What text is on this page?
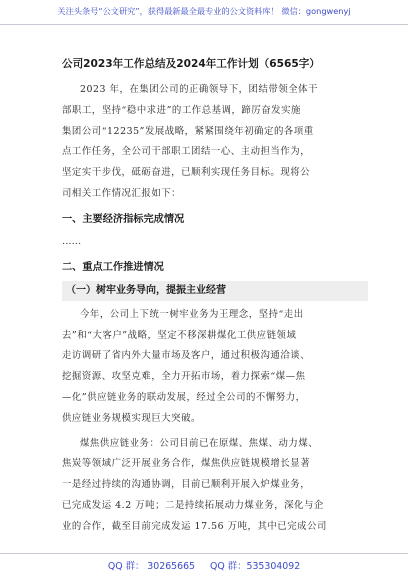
关注头条号“公文研究”，获得最新最全最专业的公文资料库！ 微信：gongwenyj
公司2023年工作总结及2024年工作计划（6565字）

2023 年，在集团公司的正确领导下，团结带领全体干
部职工，坚持“稳中求进”的工作总基调，蹄厉奋发实施
集团公司“12235”发展战略，紧紧围绕年初确定的各项重
点工作任务，全公司干部职工团结一心、主动担当作为，
坚定实干步伐，砥砺奋进，已顺利实现任务目标。现将公
司相关工作情况汇报如下：

一、主要经济指标完成情况
……
二、重点工作推进情况
（一）树牢业务导向，提振主业经营

今年，公司上下统一树牢业务为王理念，坚持“走出
去”和“大客户”战略，坚定不移深耕煤化工供应链领域
走访调研了省内外大量市场及客户，通过积极沟通洽谈、
挖掘资源、攻坚克难，全力开拓市场，着力探索“煤—焦
—化”供应链业务的联动发展，经过全公司的不懈努力，
供应链业务规模实现巨大突破。

煤焦供应链业务：公司目前已在原煤、焦煤、动力煤、
焦炭等领域广泛开展业务合作，煤焦供应链规模增长显著
一是经过持续的沟通协调，目前已顺利开展入炉煤业务，
已完成发运 4.2 万吨；二是持续拓展动力煤业务，深化与企
业的合作，截至目前完成发运 17.56 万吨，其中已完成公司

QQ 群： 30265665 QQ 群：535304092
